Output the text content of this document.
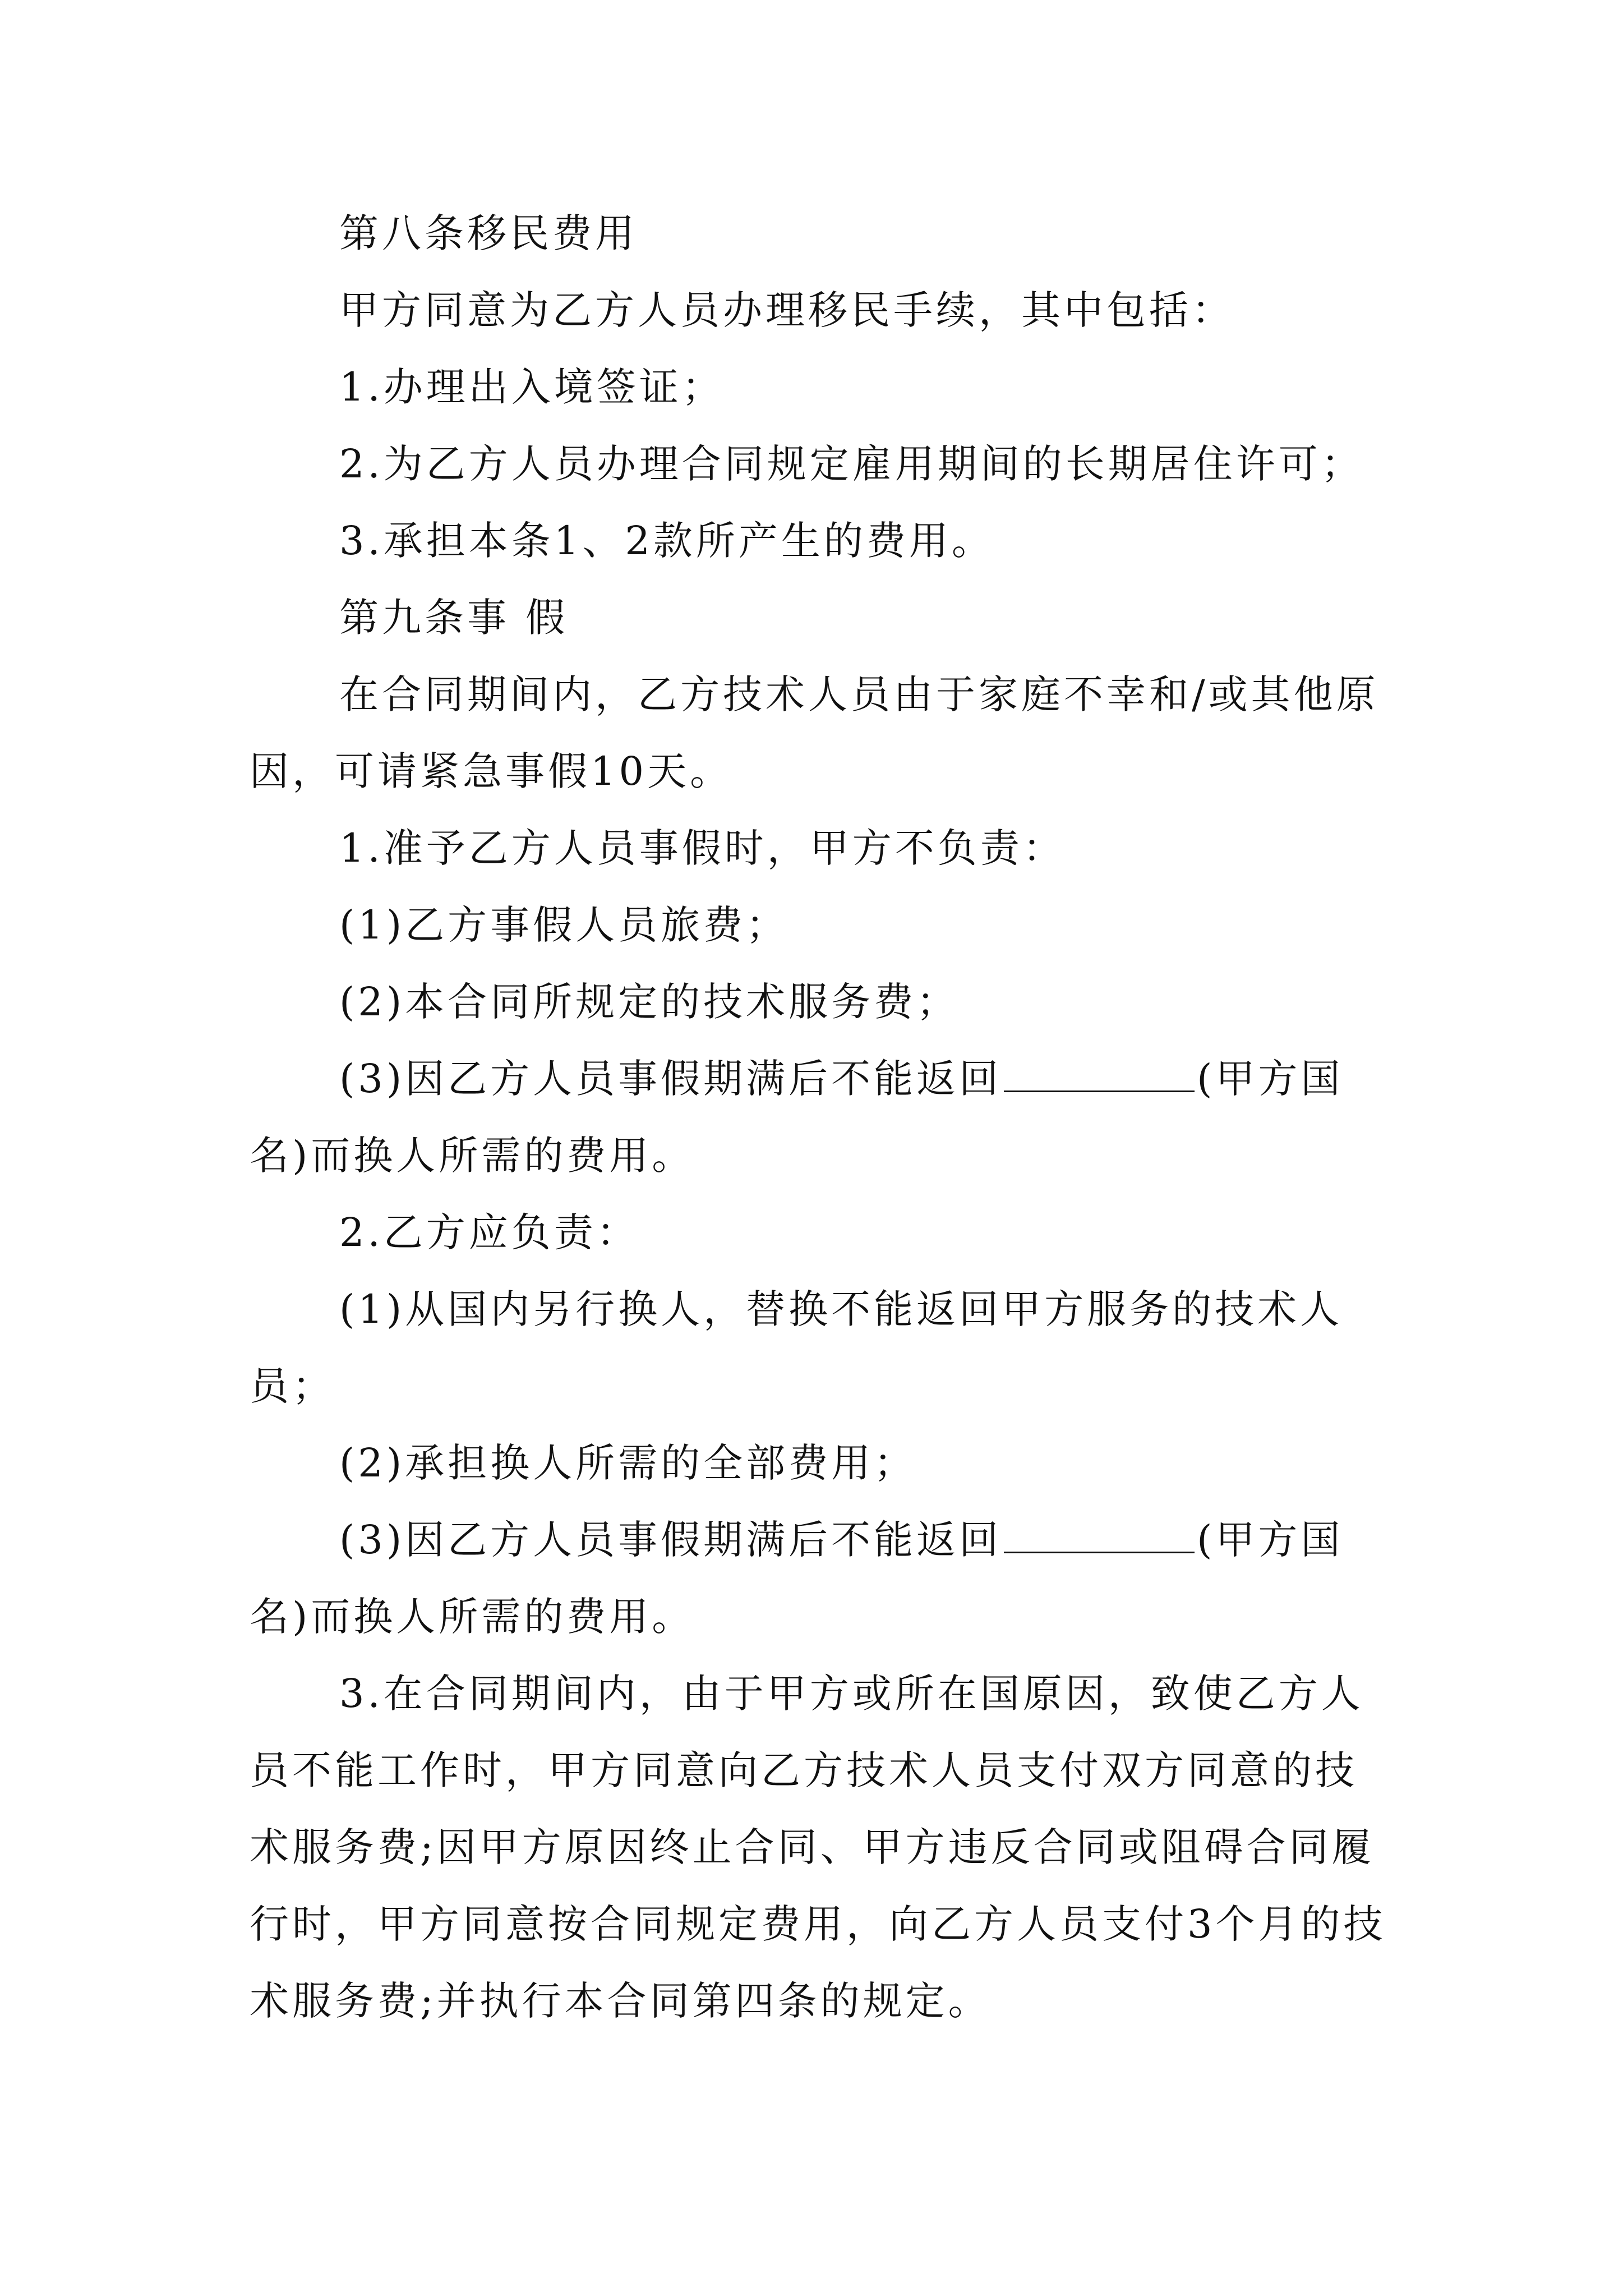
第八条移民费用

甲方同意为乙方人员办理移民手续，其中包括：

1.办理出入境签证；

2.为乙方人员办理合同规定雇用期间的长期居住许可；

3.承担本条1、2款所产生的费用。

第九条事 假

在合同期间内，乙方技术人员由于家庭不幸和/或其他原因，可请紧急事假10天。

1.准予乙方人员事假时，甲方不负责：

(1)乙方事假人员旅费；

(2)本合同所规定的技术服务费；

(3)因乙方人员事假期满后不能返回	(甲方国名)而换人所需的费用。

2.乙方应负责：

(1)从国内另行换人，替换不能返回甲方服务的技术人员；

(2)承担换人所需的全部费用；

(3)因乙方人员事假期满后不能返回	(甲方国名)而换人所需的费用。

3.在合同期间内，由于甲方或所在国原因，致使乙方人员不能工作时，甲方同意向乙方技术人员支付双方同意的技术服务费;因甲方原因终止合同、甲方违反合同或阻碍合同履行时，甲方同意按合同规定费用，向乙方人员支付3个月的技术服务费;并执行本合同第四条的规定。
